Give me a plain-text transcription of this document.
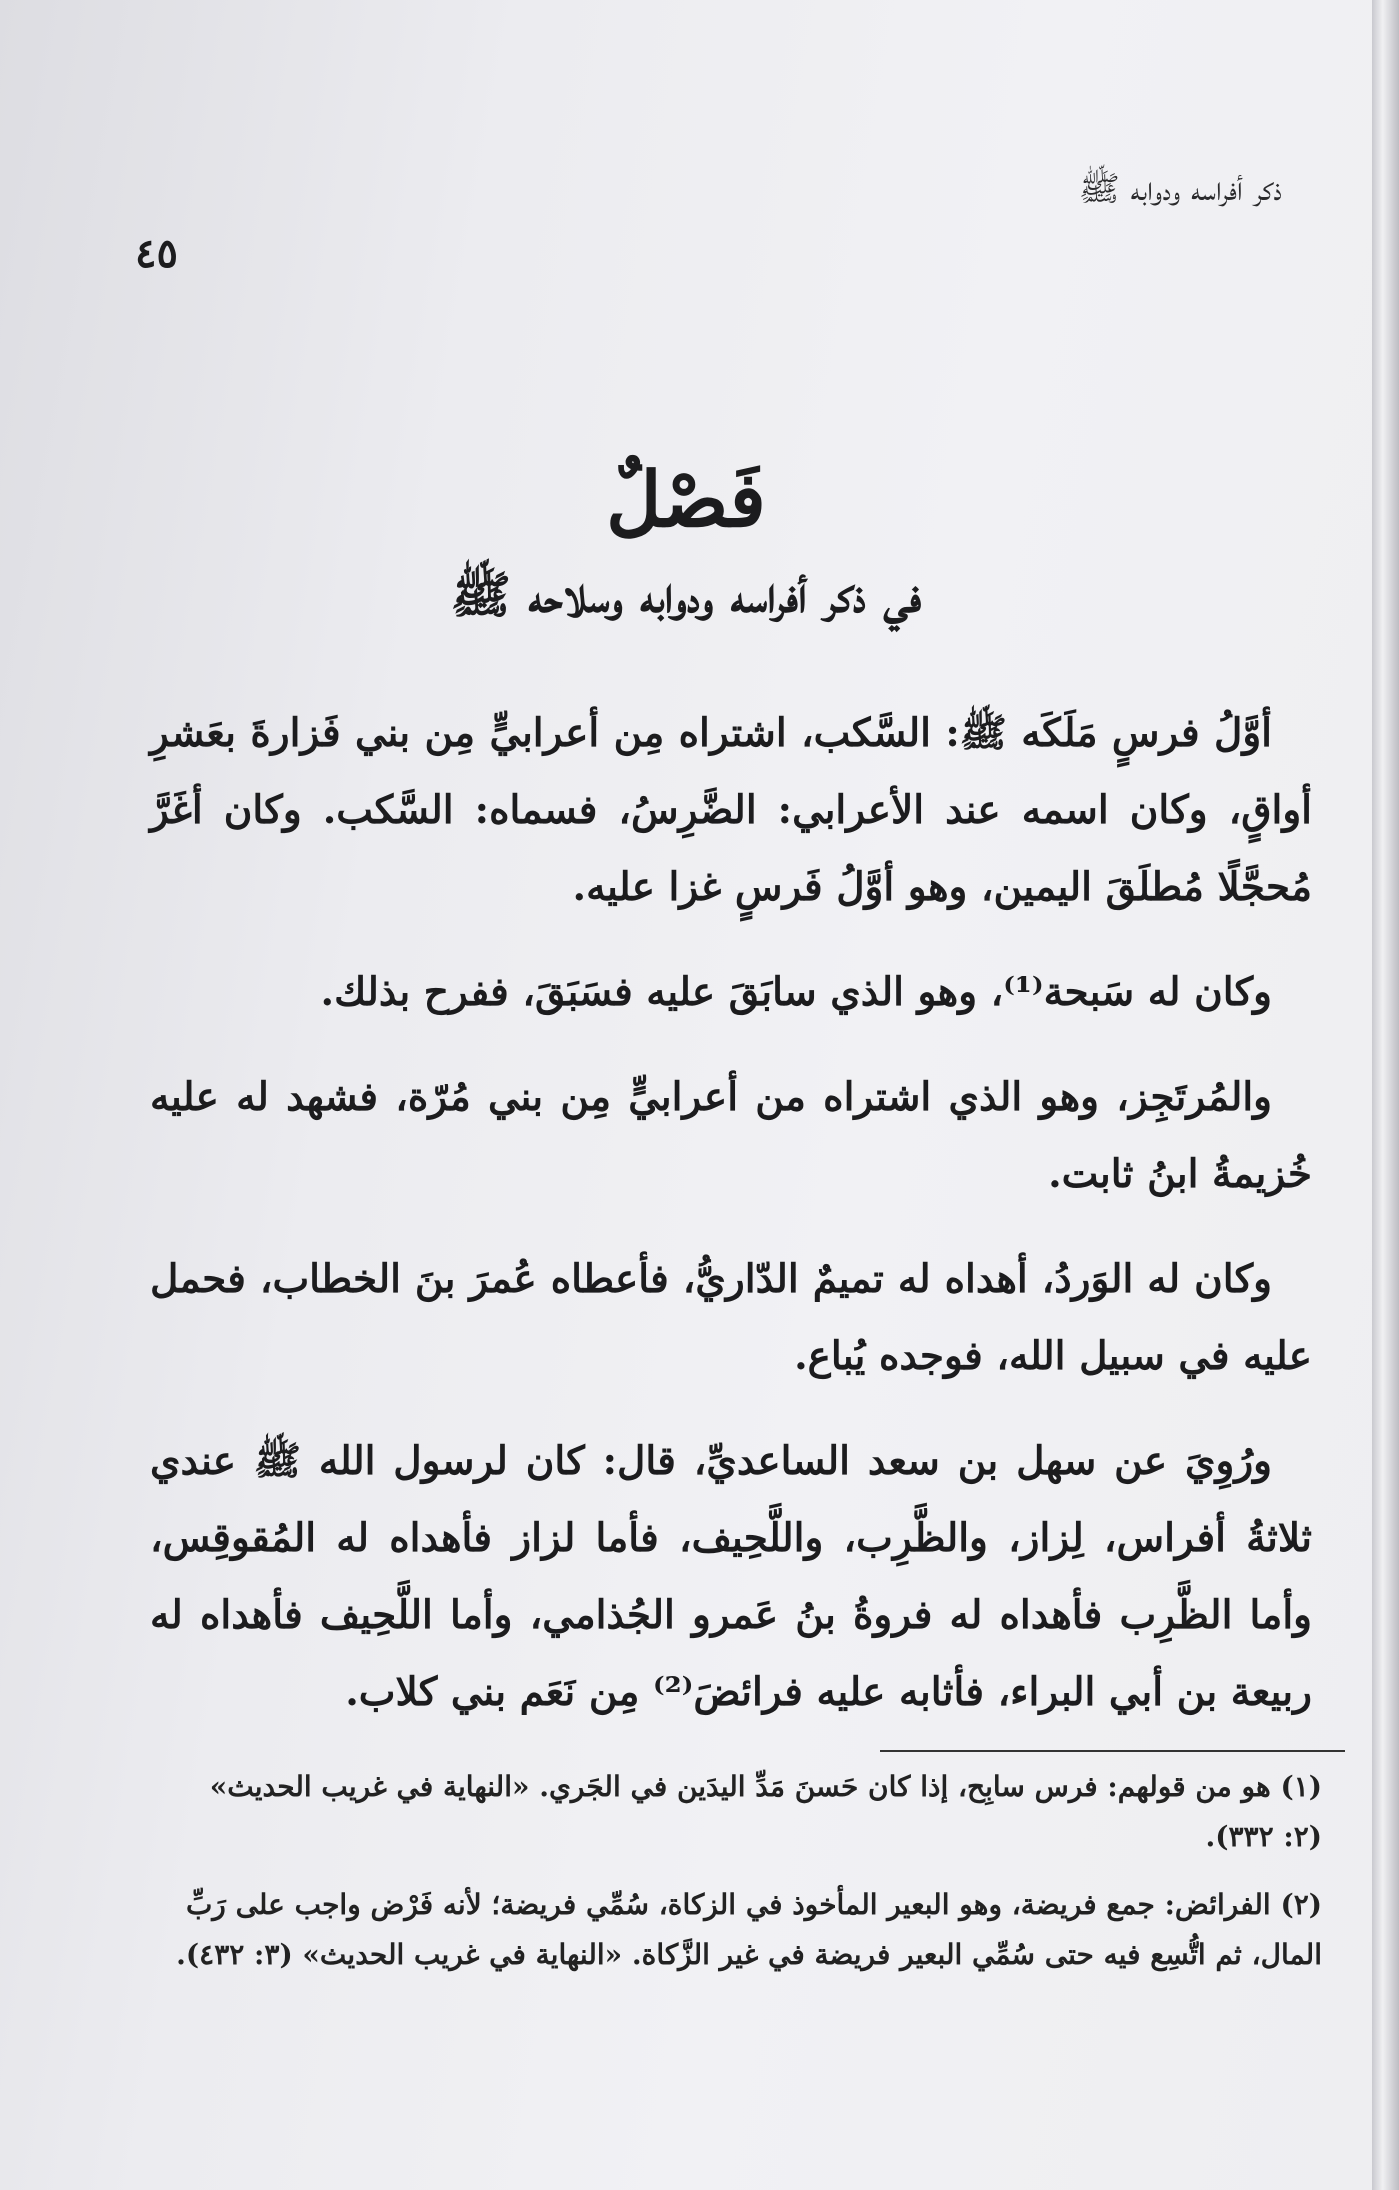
ذكر أفراسه ودوابه ﷺ
٤٥
فَصْلٌ
في ذكر أفراسه ودوابه وسلاحه ﷺ

أوَّلُ فرسٍ مَلَكَه ﷺ: السَّكب، اشتراه مِن أعرابيٍّ مِن بني فَزارةَ بعَشرِ أواقٍ، وكان اسمه عند الأعرابي: الضَّرِسُ، فسماه: السَّكب. وكان أغَرَّ مُحجَّلًا مُطلَقَ اليمين، وهو أوَّلُ فَرسٍ غزا عليه.

وكان له سَبحة⁽¹⁾، وهو الذي سابَقَ عليه فسَبَقَ، ففرح بذلك.

والمُرتَجِز، وهو الذي اشتراه من أعرابيٍّ مِن بني مُرّة، فشهد له عليه خُزيمةُ ابنُ ثابت.

وكان له الوَردُ، أهداه له تميمٌ الدّاريُّ، فأعطاه عُمرَ بنَ الخطاب، فحمل عليه في سبيل الله، فوجده يُباع.

ورُوِيَ عن سهل بن سعد الساعديِّ، قال: كان لرسول الله ﷺ عندي ثلاثةُ أفراس، لِزاز، والظَّرِب، واللَّحِيف، فأما لزاز فأهداه له المُقوقِس، وأما الظَّرِب فأهداه له فروةُ بنُ عَمرو الجُذامي، وأما اللَّحِيف فأهداه له ربيعة بن أبي البراء، فأثابه عليه فرائضَ⁽²⁾ مِن نَعَم بني كلاب.

(١) هو من قولهم: فرس سابِح، إذا كان حَسنَ مَدِّ اليدَين في الجَري. «النهاية في غريب الحديث» (٢: ٣٣٢).

(٢) الفرائض: جمع فريضة، وهو البعير المأخوذ في الزكاة، سُمِّي فريضة؛ لأنه فَرْض واجب على رَبِّ المال، ثم اتُّسِع فيه حتى سُمِّي البعير فريضة في غير الزَّكاة. «النهاية في غريب الحديث» (٣: ٤٣٢).
